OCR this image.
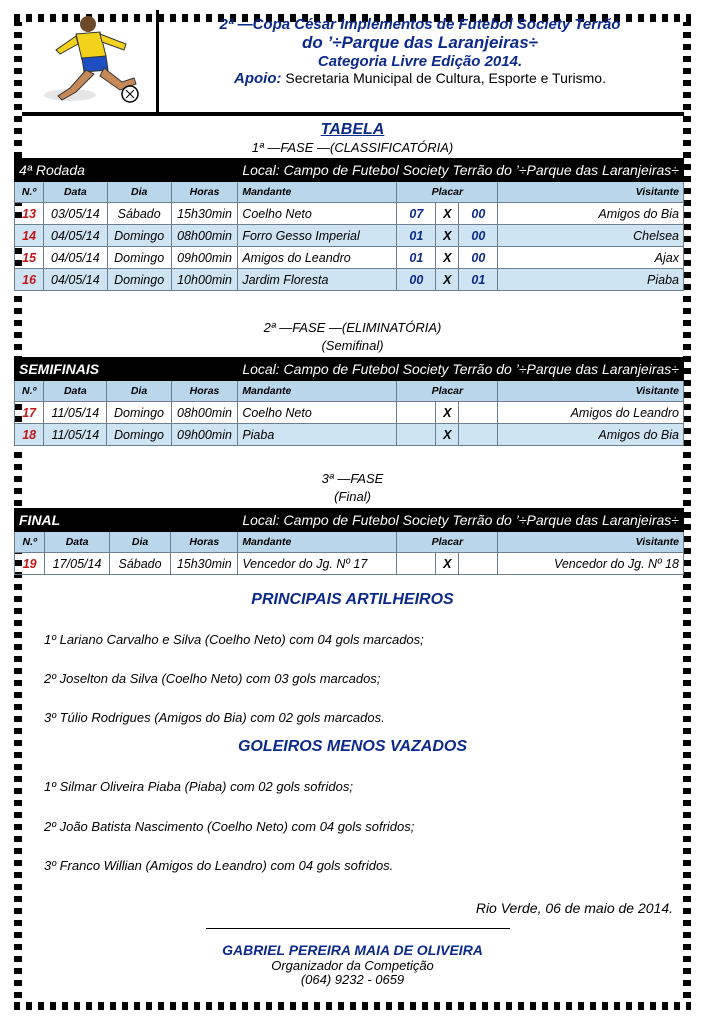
2ª —Copa César Implementos de Futebol Society Terrão
do ’÷Parque das Laranjeiras÷
Categoria Livre Edição 2014.
Apoio: Secretaria Municipal de Cultura, Esporte e Turismo.
TABELA
1ª —FASE —(CLASSIFICATÓRIA)
4ª Rodada				Local: Campo de Futebol Society Terrão do ’÷Parque das Laranjeiras÷				
N.º	Data	Dia	Horas	Mandante	Placar			Visitante
13	03/05/14	Sábado	15h30min	Coelho Neto	07	X	00	Amigos do Bia
14	04/05/14	Domingo	08h00min	Forro Gesso Imperial	01	X	00	Chelsea
15	04/05/14	Domingo	09h00min	Amigos do Leandro	01	X	00	Ajax
16	04/05/14	Domingo	10h00min	Jardim Floresta	00	X	01	Piaba
2ª —FASE —(ELIMINATÓRIA)
(Semifinal)
SEMIFINAIS				Local: Campo de Futebol Society Terrão do ’÷Parque das Laranjeiras÷				
N.º	Data	Dia	Horas	Mandante	Placar			Visitante
17	11/05/14	Domingo	08h00min	Coelho Neto		X		Amigos do Leandro
18	11/05/14	Domingo	09h00min	Piaba		X		Amigos do Bia
3ª —FASE
(Final)
FINAL				Local: Campo de Futebol Society Terrão do ’÷Parque das Laranjeiras÷				
N.º	Data	Dia	Horas	Mandante	Placar			Visitante
19	17/05/14	Sábado	15h30min	Vencedor do Jg. Nº 17		X		Vencedor do Jg. Nº 18
PRINCIPAIS ARTILHEIROS
1º Lariano Carvalho e Silva (Coelho Neto) com 04 gols marcados;
2º Joselton da Silva (Coelho Neto) com 03 gols marcados;
3º Túlio Rodrigues (Amigos do Bia) com 02 gols marcados.
GOLEIROS MENOS VAZADOS
1º Silmar Oliveira Piaba (Piaba) com 02 gols sofridos;
2º João Batista Nascimento (Coelho Neto) com 04 gols sofridos;
3º Franco Willian (Amigos do Leandro) com 04 gols sofridos.
Rio Verde, 06 de maio de 2014.
GABRIEL PEREIRA MAIA DE OLIVEIRA
Organizador da Competição
(064) 9232 - 0659
